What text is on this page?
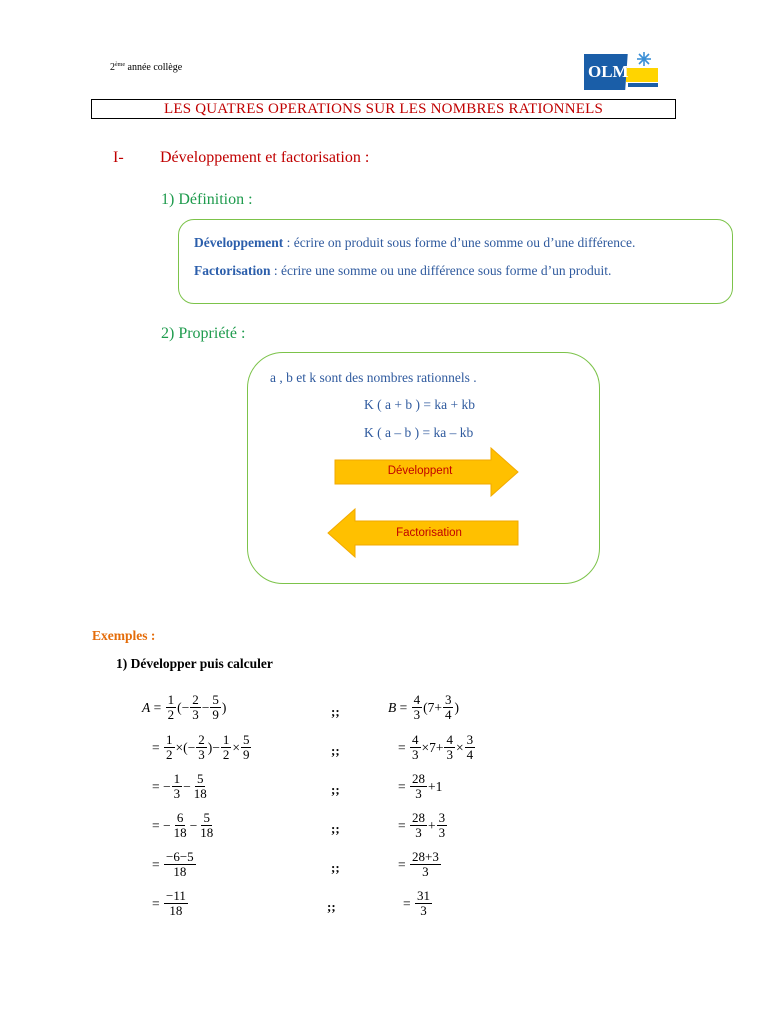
2ème année collège	OLM
LES QUATRES OPERATIONS SUR LES NOMBRES RATIONNELS
I- Développement et factorisation :
1) Définition :
Développement : écrire on produit sous forme d’une somme ou d’une différence.
Factorisation : écrire une somme ou une différence sous forme d’un produit.
2) Propriété :
a , b et k sont des nombres rationnels .
K ( a + b ) = ka + kb
K ( a – b ) = ka – kb
Développent
Factorisation
Exemples :
1) Développer puis calculer
$A = \frac{1}{2}$ (− $\frac{2}{3} - \frac{5}{9}$ )
= $\frac{1}{2}$ ×(− $\frac{2}{3}$ )− $\frac{1}{2} \times \frac{5}{9}$
= − $\frac{1}{3} - \frac{5}{18}$
= − $\frac{6}{18} - \frac{5}{18}$
= $\frac{-6-5}{18}$
= $\frac{-11}{18}$
;;
;;
;;
;;
;;
;;
$B = \frac{4}{3} (7+ \frac{3}{4}$ )
= $\frac{4}{3} \times 7+ \frac{4}{3} \times \frac{3}{4}$
= $\frac{28}{3} +1$
= $\frac{28}{3} + \frac{3}{3}$
= $\frac{28+3}{3}$
= $\frac{31}{3}$
